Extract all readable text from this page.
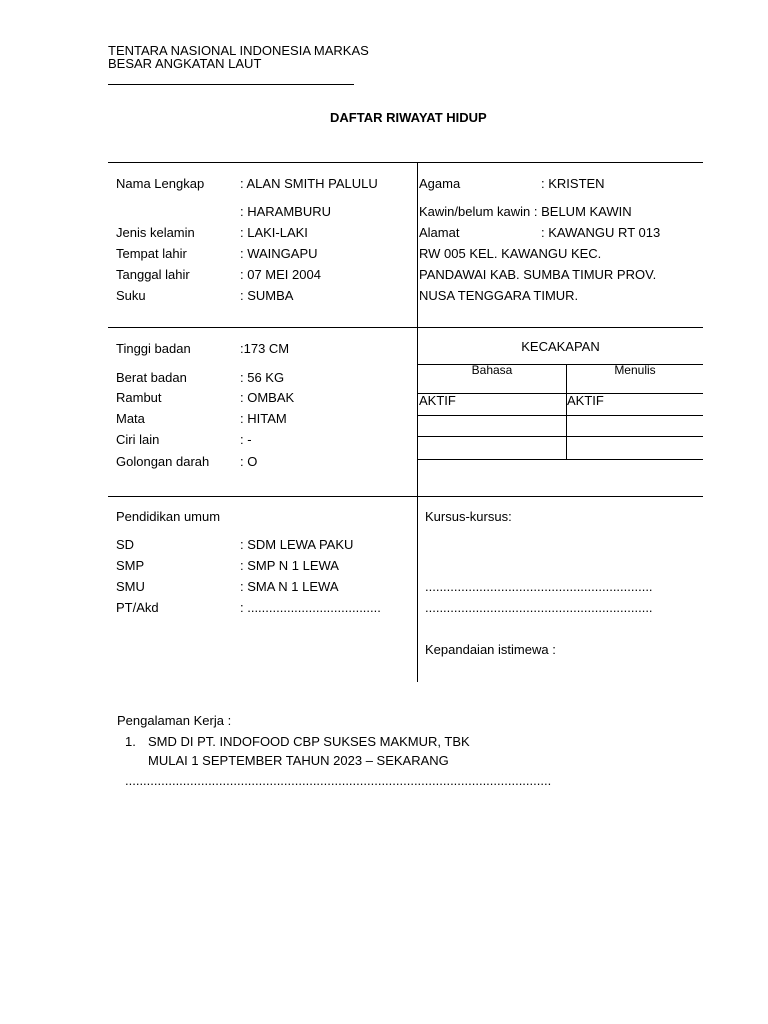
TENTARA NASIONAL INDONESIA MARKAS
BESAR ANGKATAN LAUT
DAFTAR RIWAYAT HIDUP
Nama Lengkap	: ALAN SMITH PALULU
: HARAMBURU
Jenis kelamin	: LAKI-LAKI
Tempat lahir	: WAINGAPU
Tanggal lahir	: 07 MEI 2004
Suku	: SUMBA
Agama	: KRISTEN
Kawin/belum kawin : BELUM KAWIN
Alamat	: KAWANGU RT 013
RW 005 KEL. KAWANGU KEC.
PANDAWAI KAB. SUMBA TIMUR PROV.
NUSA TENGGARA TIMUR.
Tinggi badan	:173 CM
Berat badan	: 56 KG
Rambut	: OMBAK
Mata	: HITAM
Ciri lain	: -
Golongan darah : O
KECAKAPAN
Bahasa	Menulis
AKTIF	AKTIF
Pendidikan umum
SD	: SDM LEWA PAKU
SMP	: SMP N 1 LEWA
SMU	: SMA N 1 LEWA
PT/Akd	: .....................................
Kursus-kursus:
...............................................................
...............................................................
Kepandaian istimewa :
Pengalaman Kerja :
1. SMD DI PT. INDOFOOD CBP SUKSES MAKMUR, TBK
MULAI 1 SEPTEMBER TAHUN 2023 – SEKARANG
......................................................................................................................
